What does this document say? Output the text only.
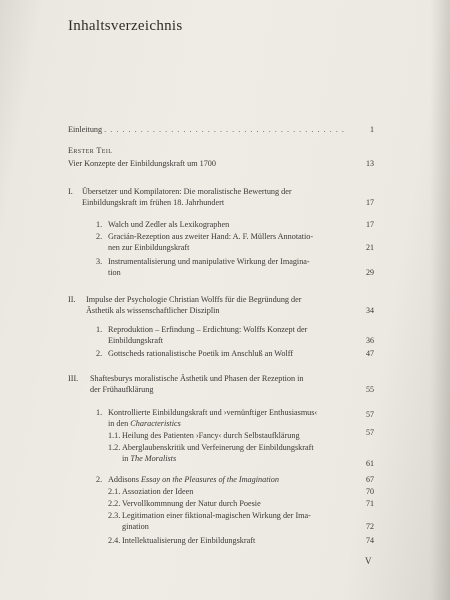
Inhaltsverzeichnis
Einleitung . . . . . . . . . . . . . . . . . . . . . . . . . . . . . . . . . . . . . . . .	1
Erster Teil
Vier Konzepte der Einbildungskraft um 1700	13
I.	Übersetzer und Kompilatoren: Die moralistische Bewertung der
Einbildungskraft im frühen 18. Jahrhundert	17
1. Walch und Zedler als Lexikographen	17
2. Gracián-Rezeption aus zweiter Hand: A. F. Müllers Annotatio-
nen zur Einbildungskraft	21
3. Instrumentalisierung und manipulative Wirkung der Imagina-
tion	29
II.	Impulse der Psychologie Christian Wolffs für die Begründung der
Ästhetik als wissenschaftlicher Disziplin	34
1. Reproduktion – Erfindung – Erdichtung: Wolffs Konzept der
Einbildungskraft	36
2. Gottscheds rationalistische Poetik im Anschluß an Wolff	47
III.	Shaftesburys moralistische Ästhetik und Phasen der Rezeption in
der Frühaufklärung	55
1. Kontrollierte Einbildungskraft und ›vernünftiger Enthusiasmus‹
in den Characteristics
57
1.1. Heilung des Patienten ›Fancy‹ durch Selbstaufklärung	57
1.2. Aberglaubenskritik und Verfeinerung der Einbildungskraft
in The Moralists
61
2. Addisons Essay on the Pleasures of the Imagination	67
2.1. Assoziation der Ideen	70
2.2. Vervollkommnung der Natur durch Poesie	71
2.3. Legitimation einer fiktional-magischen Wirkung der Ima-
gination	72
2.4. Intellektualisierung der Einbildungskraft	74
V
